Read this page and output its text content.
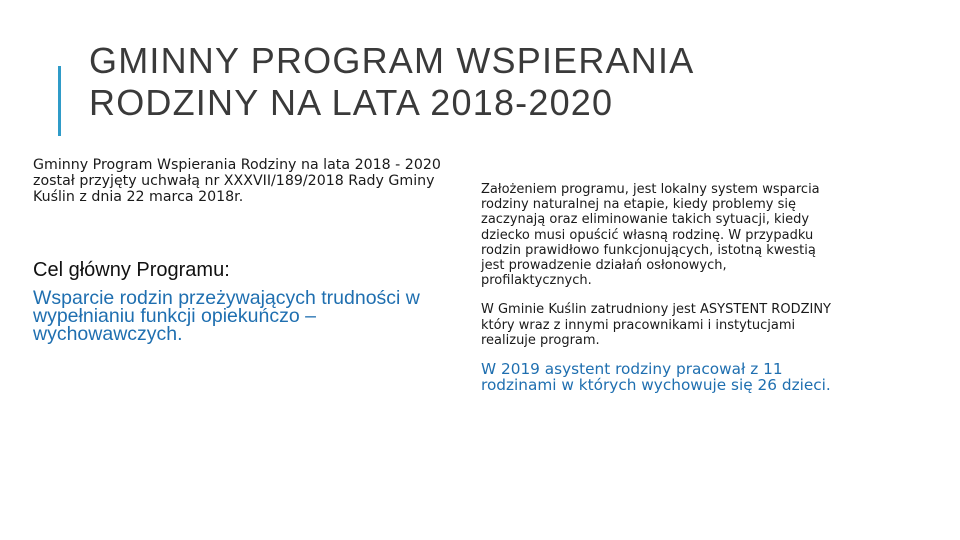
GMINNY PROGRAM WSPIERANIA
RODZINY NA LATA 2018-2020

Gminny Program Wspierania Rodziny na lata 2018 - 2020 został przyjęty uchwałą nr XXXVII/189/2018 Rady Gminy Kuślin z dnia 22 marca 2018r.

Cel główny Programu:

Wsparcie rodzin przeżywających trudności w wypełnianiu funkcji opiekuńczo – wychowawczych.

Założeniem programu, jest lokalny system wsparcia rodziny naturalnej na etapie, kiedy problemy się zaczynają oraz eliminowanie takich sytuacji, kiedy dziecko musi opuścić własną rodzinę. W przypadku rodzin prawidłowo funkcjonujących, istotną kwestią jest prowadzenie działań osłonowych, profilaktycznych.

W Gminie Kuślin zatrudniony jest ASYSTENT RODZINY który wraz z innymi pracownikami i instytucjami realizuje program.

W 2019 asystent rodziny pracował z 11 rodzinami w których wychowuje się 26 dzieci.
